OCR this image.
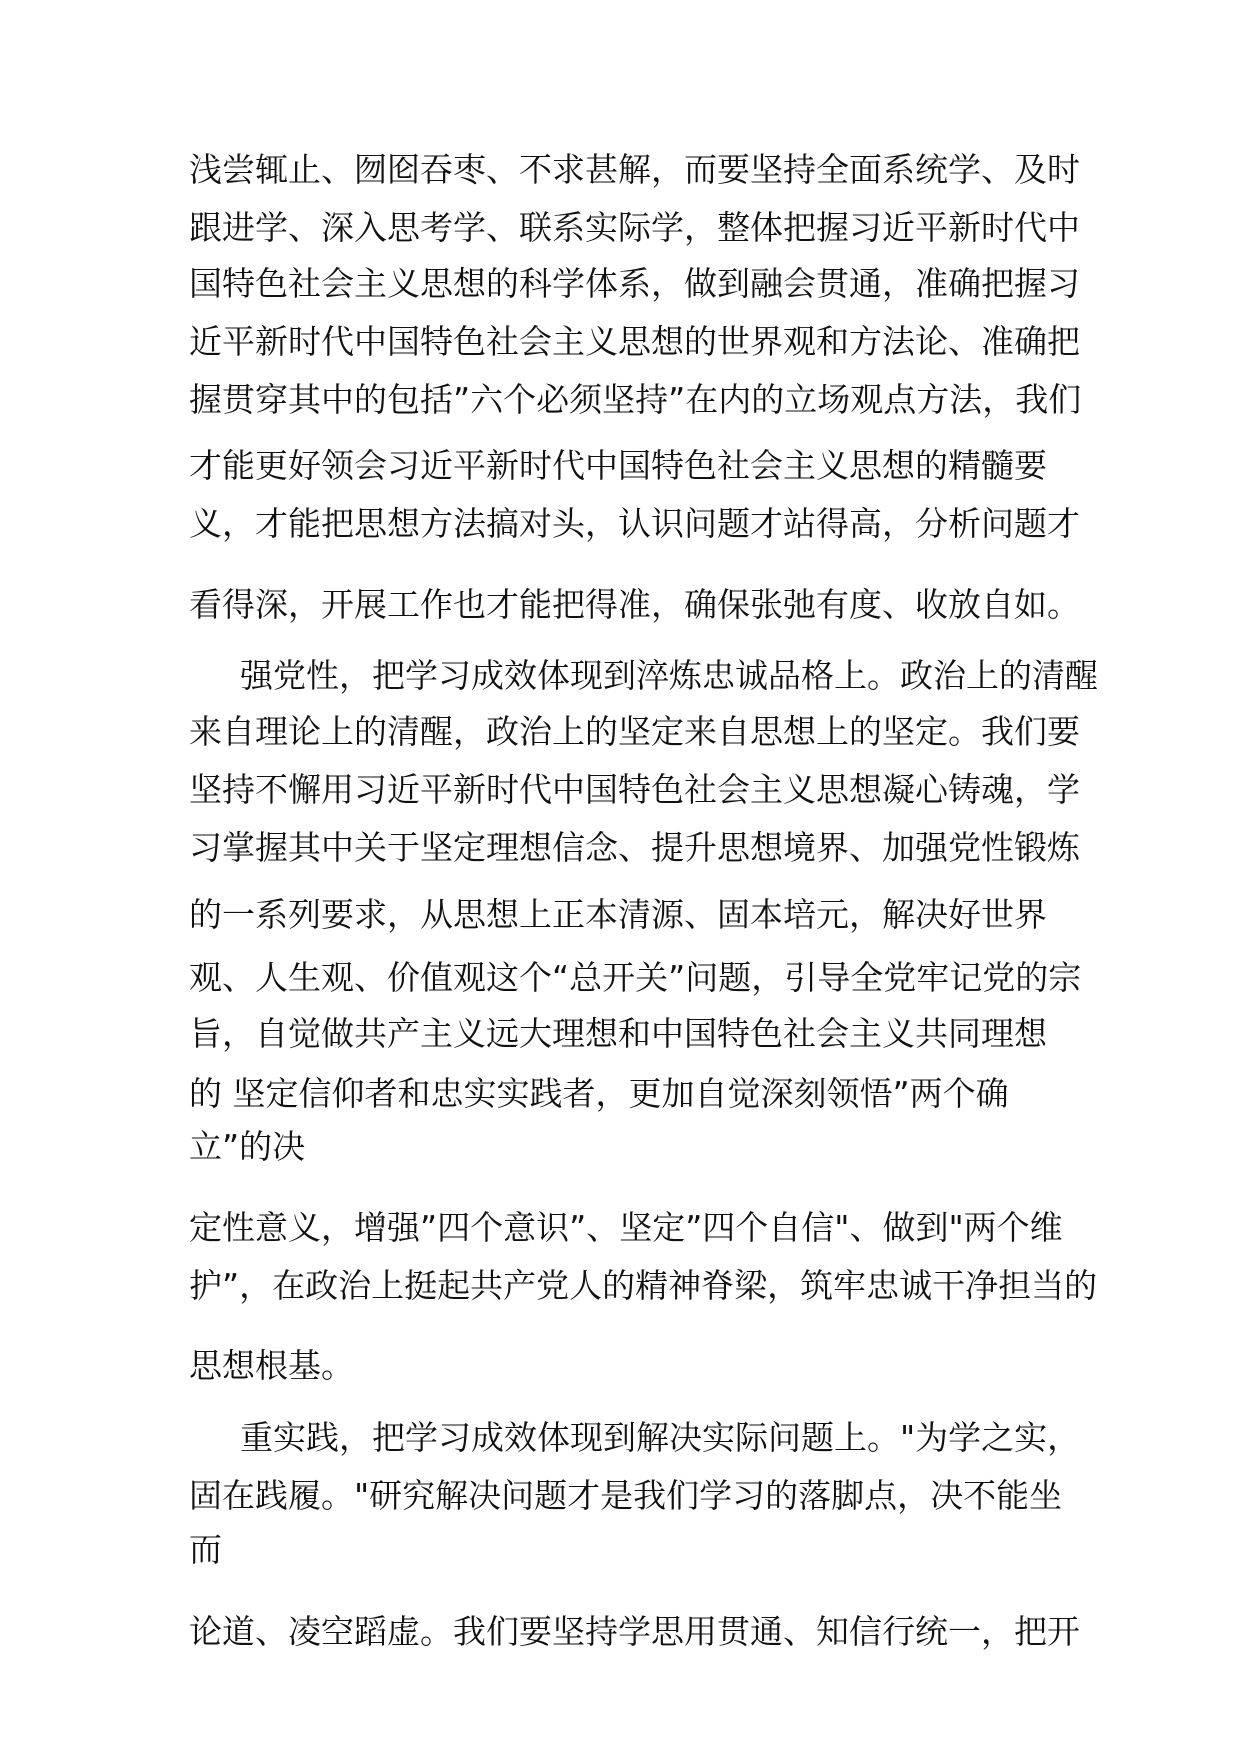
浅尝辄止、囫囵吞枣、不求甚解，而要坚持全面系统学、及时
跟进学、深入思考学、联系实际学，整体把握习近平新时代中
国特色社会主义思想的科学体系，做到融会贯通，准确把握习
近平新时代中国特色社会主义思想的世界观和方法论、准确把
握贯穿其中的包括”六个必须坚持”在内的立场观点方法，我们
才能更好领会习近平新时代中国特色社会主义思想的精髓要
义，才能把思想方法搞对头，认识问题才站得高，分析问题才
看得深，开展工作也才能把得准，确保张弛有度、收放自如。
强党性，把学习成效体现到淬炼忠诚品格上。政治上的清醒
来自理论上的清醒，政治上的坚定来自思想上的坚定。我们要
坚持不懈用习近平新时代中国特色社会主义思想凝心铸魂，学
习掌握其中关于坚定理想信念、提升思想境界、加强党性锻炼
的一系列要求，从思想上正本清源、固本培元，解决好世界
观、人生观、价值观这个“总开关”问题，引导全党牢记党的宗
旨，自觉做共产主义远大理想和中国特色社会主义共同理想
的 坚定信仰者和忠实实践者，更加自觉深刻领悟”两个确
立”的决
定性意义，增强”四个意识”、坚定”四个自信"、做到"两个维
护”，在政治上挺起共产党人的精神脊梁，筑牢忠诚干净担当的
思想根基。
重实践，把学习成效体现到解决实际问题上。"为学之实，
固在践履。"研究解决问题才是我们学习的落脚点，决不能坐
而
论道、凌空蹈虚。我们要坚持学思用贯通、知信行统一，把开
